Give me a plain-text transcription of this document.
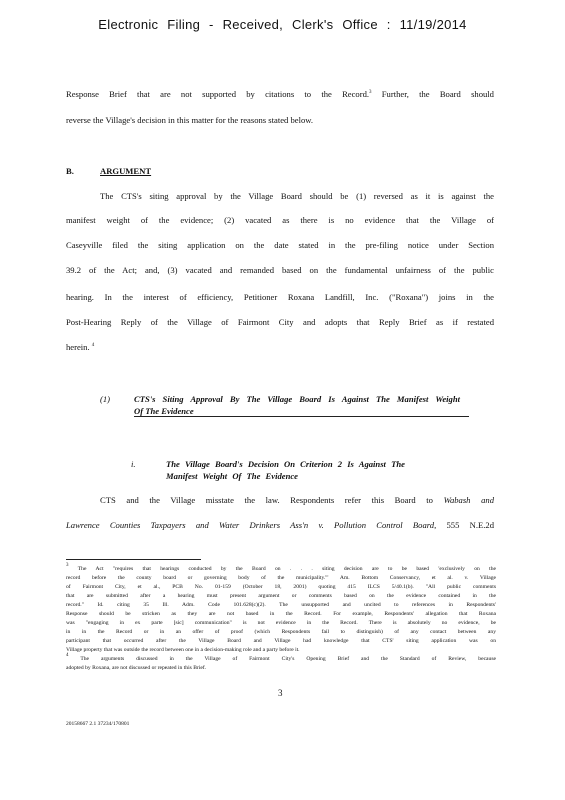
Electronic Filing - Received, Clerk's Office : 11/19/2014
Response Brief that are not supported by citations to the Record.$^3$ Further, the Board should
reverse the Village's decision in this matter for the reasons stated below.
B.	ARGUMENT
The CTS's siting approval by the Village Board should be (1) reversed as it is against the
manifest weight of the evidence; (2) vacated as there is no evidence that the Village of
Caseyville filed the siting application on the date stated in the pre-filing notice under Section
39.2 of the Act; and, (3) vacated and remanded based on the fundamental unfairness of the public
hearing. In the interest of efficiency, Petitioner Roxana Landfill, Inc. ("Roxana") joins in the
Post-Hearing Reply of the Village of Fairmont City and adopts that Reply Brief as if restated
herein. $^4$
(1)	CTS's Siting Approval By The Village Board Is Against The Manifest Weight
Of The Evidence
i.	The Village Board's Decision On Criterion 2 Is Against The
Manifest Weight Of The Evidence
CTS and the Village misstate the law. Respondents refer this Board to Wabash and
Lawrence Counties Taxpayers and Water Drinkers Ass'n v. Pollution Control Board, 555 N.E.2d
$^3$ The Act "requires that hearings conducted by the Board on . . . siting decision are to be based 'exclusively on the
record before the county board or governing body of the municipality.'" Am. Bottom Conservancy, et al. v. Village
of Fairmont City, et al., PCB No. 01-159 (October 18, 2001) quoting 415 ILCS 5/40.1(b). "All public comments
that are submitted after a hearing must present argument or comments based on the evidence contained in the
record." Id. citing 35 Ill. Adm. Code 101.628(c)(2). The unsupported and uncited to references in Respondents'
Response should be stricken as they are not based in the Record. For example, Respondents' allegation that Roxana
was "engaging in ex parte [sic] communication" is not evidence in the Record. There is absolutely no evidence, be
in in the Record or in an offer of proof (which Respondents fail to distinguish) of any contact between any
participant that occurred after the Village Board and Village had knowledge that CTS' siting application was on
Village property that was outside the record between one in a decision-making role and a party before it.
$^4$ The arguments discussed in the Village of Fairmont City's Opening Brief and the Standard of Review, because
adopted by Roxana, are not discussed or repeated in this Brief.
3
20158667 2.1 37234/170801
